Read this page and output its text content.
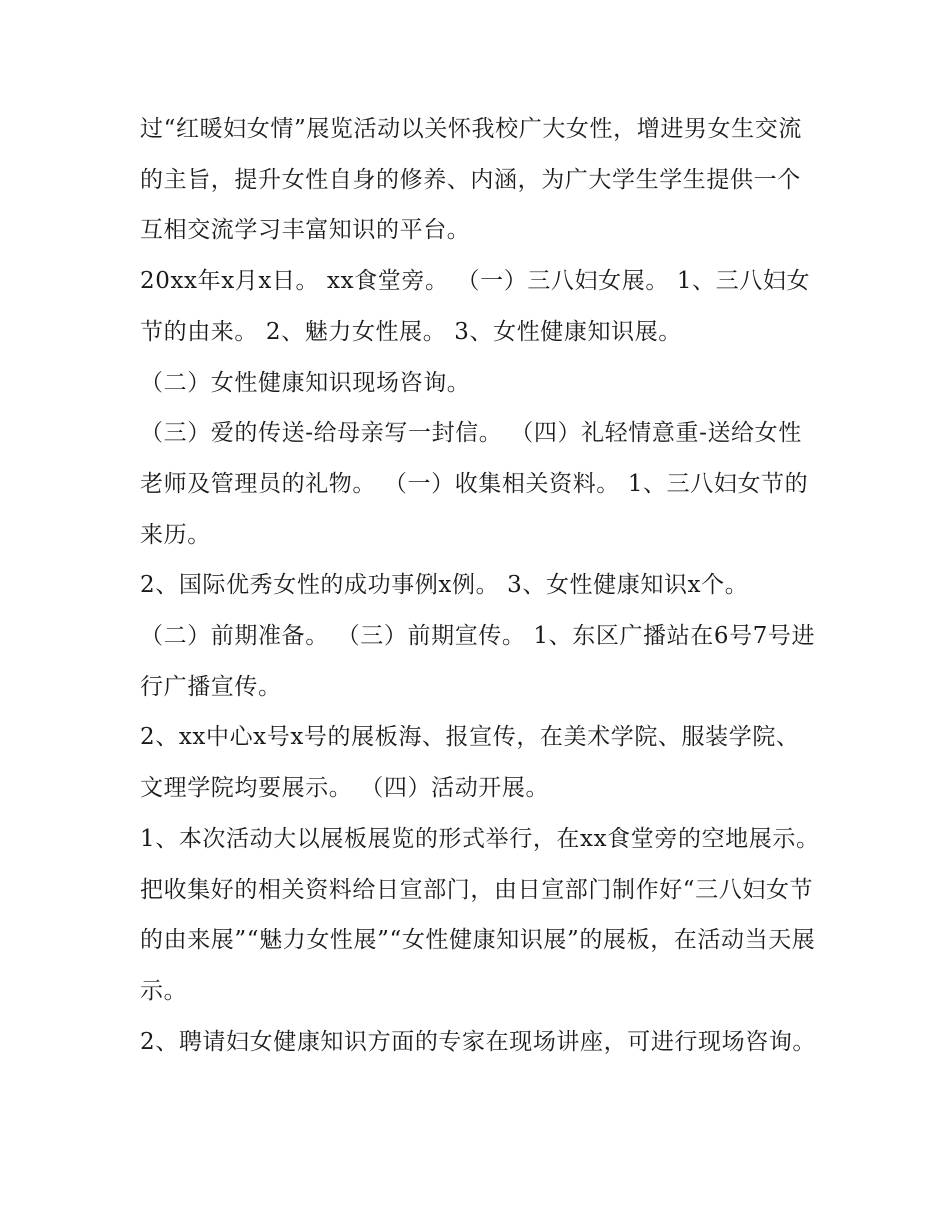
过“红暖妇女情”展览活动以关怀我校广大女性，增进男女生交流的主旨，提升女性自身的修养、内涵，为广大学生学生提供一个互相交流学习丰富知识的平台。

20xx年x月x日。 xx食堂旁。 （一）三八妇女展。 1、三八妇女节的由来。 2、魅力女性展。 3、女性健康知识展。

（二）女性健康知识现场咨询。

（三）爱的传送-给母亲写一封信。 （四）礼轻情意重-送给女性老师及管理员的礼物。 （一）收集相关资料。 1、三八妇女节的来历。

2、国际优秀女性的成功事例x例。 3、女性健康知识x个。

（二）前期准备。 （三）前期宣传。 1、东区广播站在6号7号进行广播宣传。

2、xx中心x号x号的展板海、报宣传，在美术学院、服装学院、文理学院均要展示。 （四）活动开展。

1、本次活动大以展板展览的形式举行，在xx食堂旁的空地展示。把收集好的相关资料给日宣部门，由日宣部门制作好“三八妇女节的由来展”“魅力女性展”“女性健康知识展”的展板，在活动当天展示。

2、聘请妇女健康知识方面的专家在现场讲座，可进行现场咨询。
